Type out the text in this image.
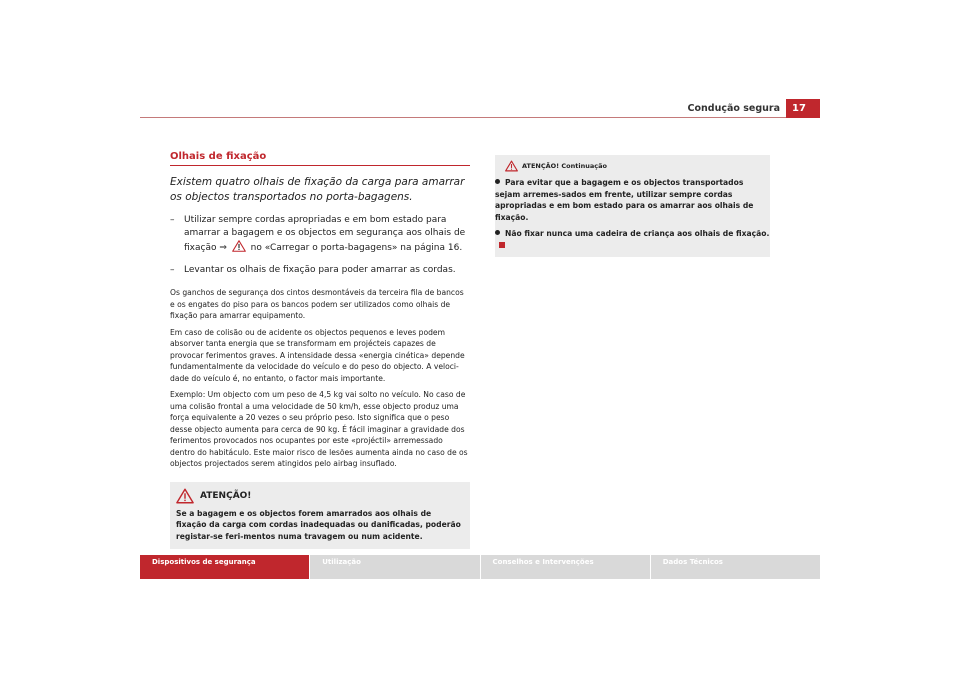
Condução segura	17
Olhais de fixação
Existem quatro olhais de fixação da carga para amarrar os objectos transportados no porta-bagagens.
– Utilizar sempre cordas apropriadas e em bom estado para amarrar a bagagem e os objectos em segurança aos olhais de fixação ⇒	no «Carregar o porta-bagagens» na página 16.
– Levantar os olhais de fixação para poder amarrar as cordas.
Os ganchos de segurança dos cintos desmontáveis da terceira fila de bancos e os engates do piso para os bancos podem ser utilizados como olhais de fixação para amarrar equipamento.
Em caso de colisão ou de acidente os objectos pequenos e leves podem absorver tanta energia que se transformam em projécteis capazes de provocar ferimentos graves. A intensidade dessa «energia cinética» depende fundamentalmente da velocidade do veículo e do peso do objecto. A veloci-dade do veículo é, no entanto, o factor mais importante.
Exemplo: Um objecto com um peso de 4,5 kg vai solto no veículo. No caso de uma colisão frontal a uma velocidade de 50 km/h, esse objecto produz uma força equivalente a 20 vezes o seu próprio peso. Isto significa que o peso desse objecto aumenta para cerca de 90 kg. É fácil imaginar a gravidade dos ferimentos provocados nos ocupantes por este «projéctil» arremessado dentro do habitáculo. Este maior risco de lesões aumenta ainda no caso de os objectos projectados serem atingidos pelo airbag insuflado.
ATENÇÃO!
Se a bagagem e os objectos forem amarrados aos olhais de fixação da carga com cordas inadequadas ou danificadas, poderão registar-se feri-mentos numa travagem ou num acidente.
ATENÇÃO! Continuação
Para evitar que a bagagem e os objectos transportados sejam arremes-sados em frente, utilizar sempre cordas apropriadas e em bom estado para os amarrar aos olhais de fixação.
Não fixar nunca uma cadeira de criança aos olhais de fixação.
Dispositivos de segurança	Utilização	Conselhos e Intervenções	Dados Técnicos
